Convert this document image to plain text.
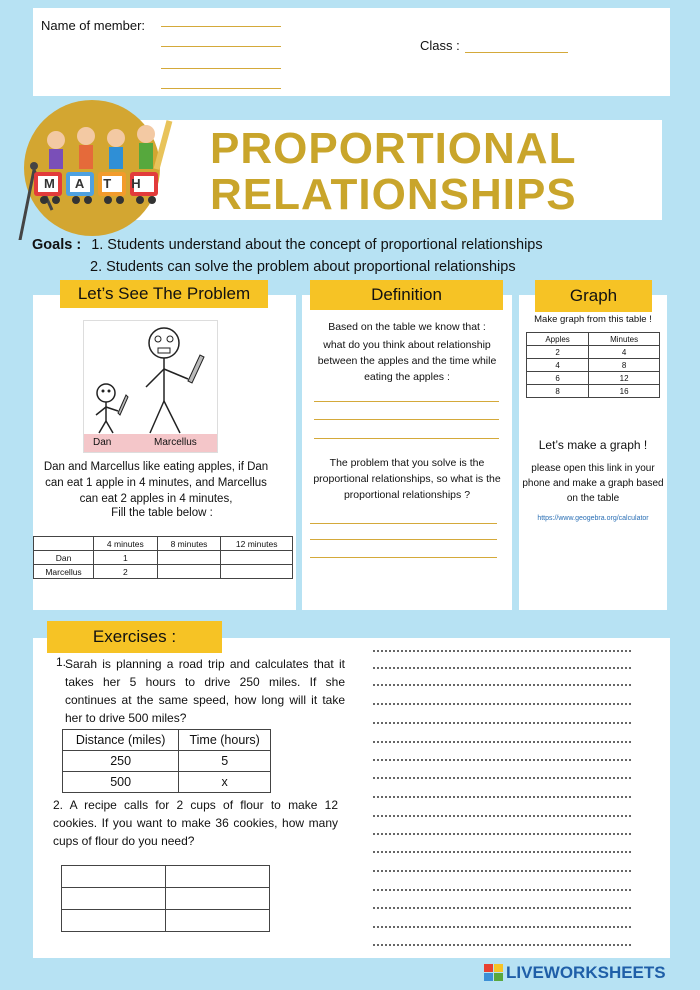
Name of member:
Class :
MATH
PROPORTIONAL
RELATIONSHIPS
Goals : 1. Students understand about the concept of proportional relationships
2. Students can solve the problem about proportional relationships
Dan	Marcellus
Dan and Marcellus like eating apples, if Dan can eat 1 apple in 4 minutes, and Marcellus can eat 2 apples in 4 minutes,
Fill the table below :
	4 minutes	8 minutes	12 minutes
Dan	1		
Marcellus	2		
Let’s See The Problem
Based on the table we know that :
what do you think about relationship between the apples and the time while eating the apples :
The problem that you solve is the proportional relationships, so what is the proportional relationships ?
Definition
Make graph from this table !
Apples	Minutes
2	4
4	8
6	12
8	16
Let’s make a graph !
please open this link in your phone and make a graph based on the table
https://www.geogebra.org/calculator
Graph
1.
Sarah is planning a road trip and calculates that it takes her 5 hours to drive 250 miles. If she continues at the same speed, how long will it take her to drive 500 miles?
Distance (miles)	Time (hours)
250	5
500	x
2. A recipe calls for 2 cups of flour to make 12 cookies. If you want to make 36 cookies, how many cups of flour do you need?

Exercises :
LIVEWORKSHEETS
